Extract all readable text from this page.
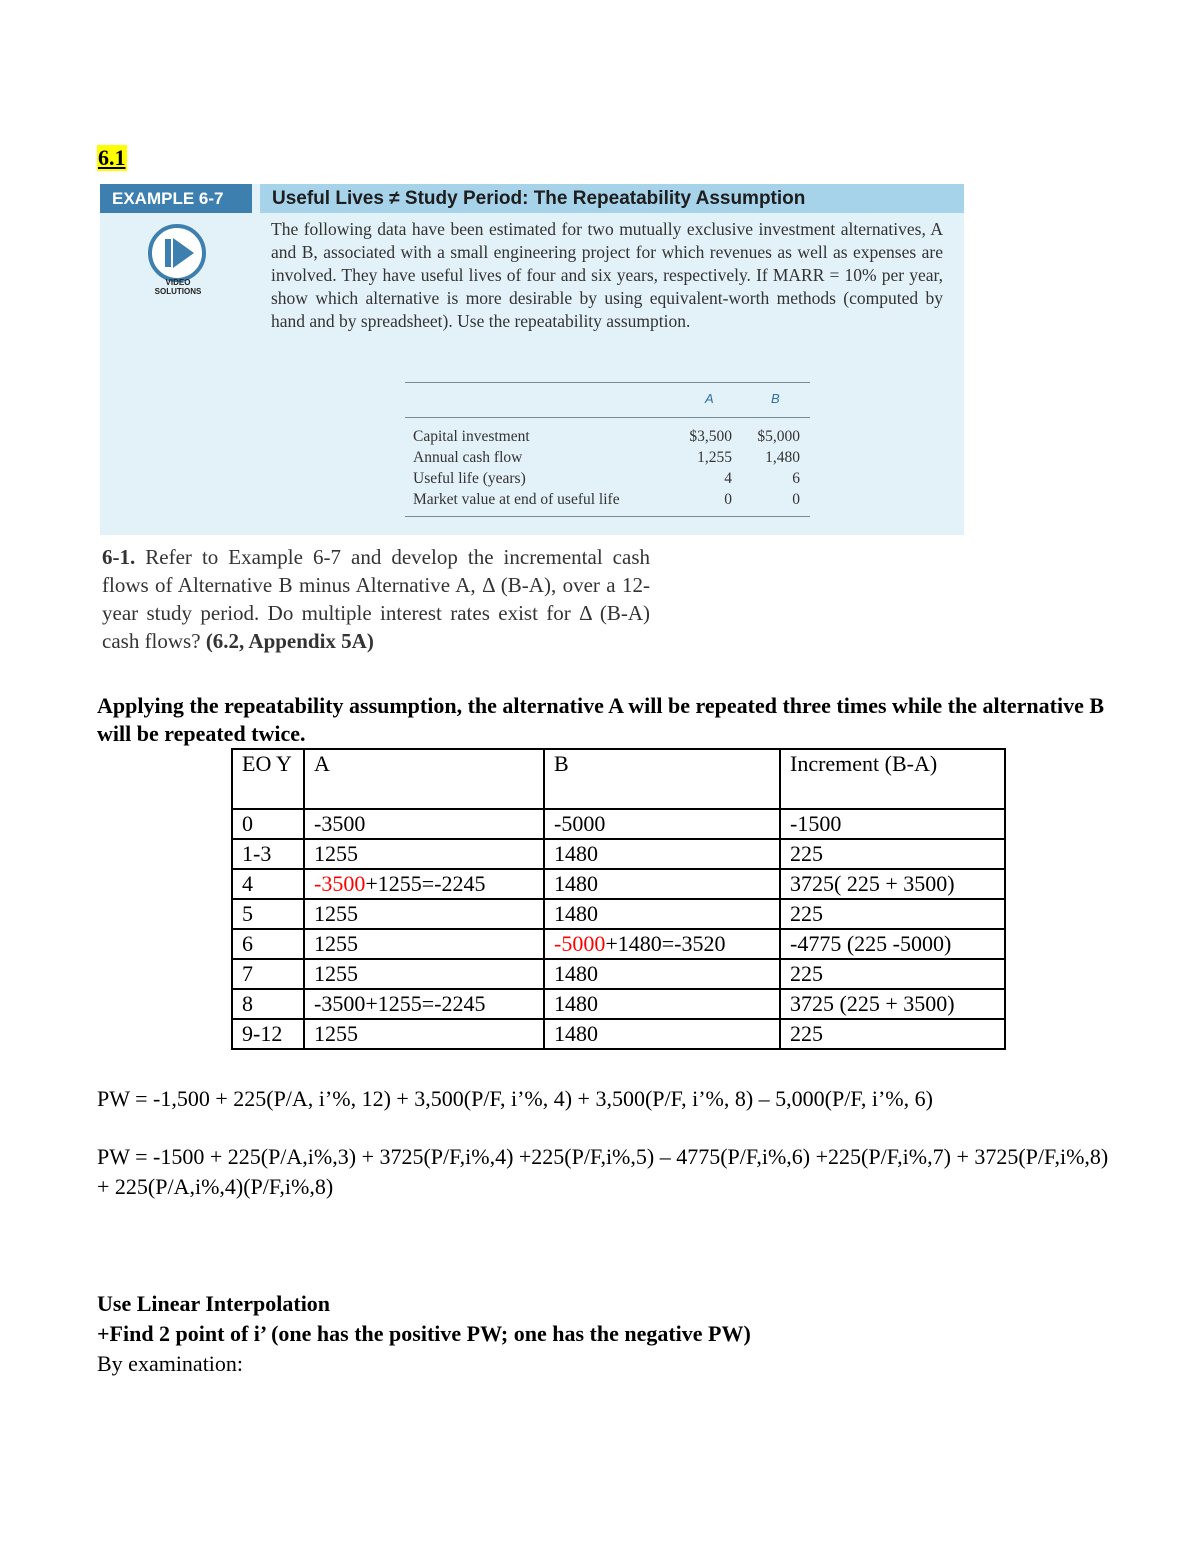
6.1
EXAMPLE 6-7	Useful Lives ≠ Study Period: The Repeatability Assumption
VIDEO
SOLUTIONS
The following data have been estimated for two mutually exclusive investment alternatives, A and B, associated with a small engineering project for which revenues as well as expenses are involved. They have useful lives of four and six years, respectively. If MARR = 10% per year, show which alternative is more desirable by using equivalent-worth methods (computed by hand and by spreadsheet). Use the repeatability assumption.
A	B
Capital investment	$3,500 $5,000
Annual cash flow	1,255 1,480
Useful life (years)	4	6
Market value at end of useful life	0	0
6-1. Refer to Example 6-7 and develop the incremental cash flows of Alternative B minus Alternative A, Δ (B-A), over a 12-year study period. Do multiple interest rates exist for Δ (B-A) cash flows? (6.2, Appendix 5A)
Applying the repeatability assumption, the alternative A will be repeated three times while the alternative B will be repeated twice.
EO Y	A	B	Increment (B-A)
0	-3500	-5000	-1500
1-3	1255	1480	225
4	-3500+1255=-2245	1480	3725( 225 + 3500)
5	1255	1480	225
6	1255	-5000+1480=-3520	-4775 (225 -5000)
7	1255	1480	225
8	-3500+1255=-2245	1480	3725 (225 + 3500)
9-12	1255	1480	225
PW = -1,500 + 225(P/A, i’%, 12) + 3,500(P/F, i’%, 4) + 3,500(P/F, i’%, 8) – 5,000(P/F, i’%, 6)
PW = -1500 + 225(P/A,i%,3) + 3725(P/F,i%,4) +225(P/F,i%,5) – 4775(P/F,i%,6) +225(P/F,i%,7) + 3725(P/F,i%,8) + 225(P/A,i%,4)(P/F,i%,8)
Use Linear Interpolation
+Find 2 point of i’ (one has the positive PW; one has the negative PW)
By examination:
